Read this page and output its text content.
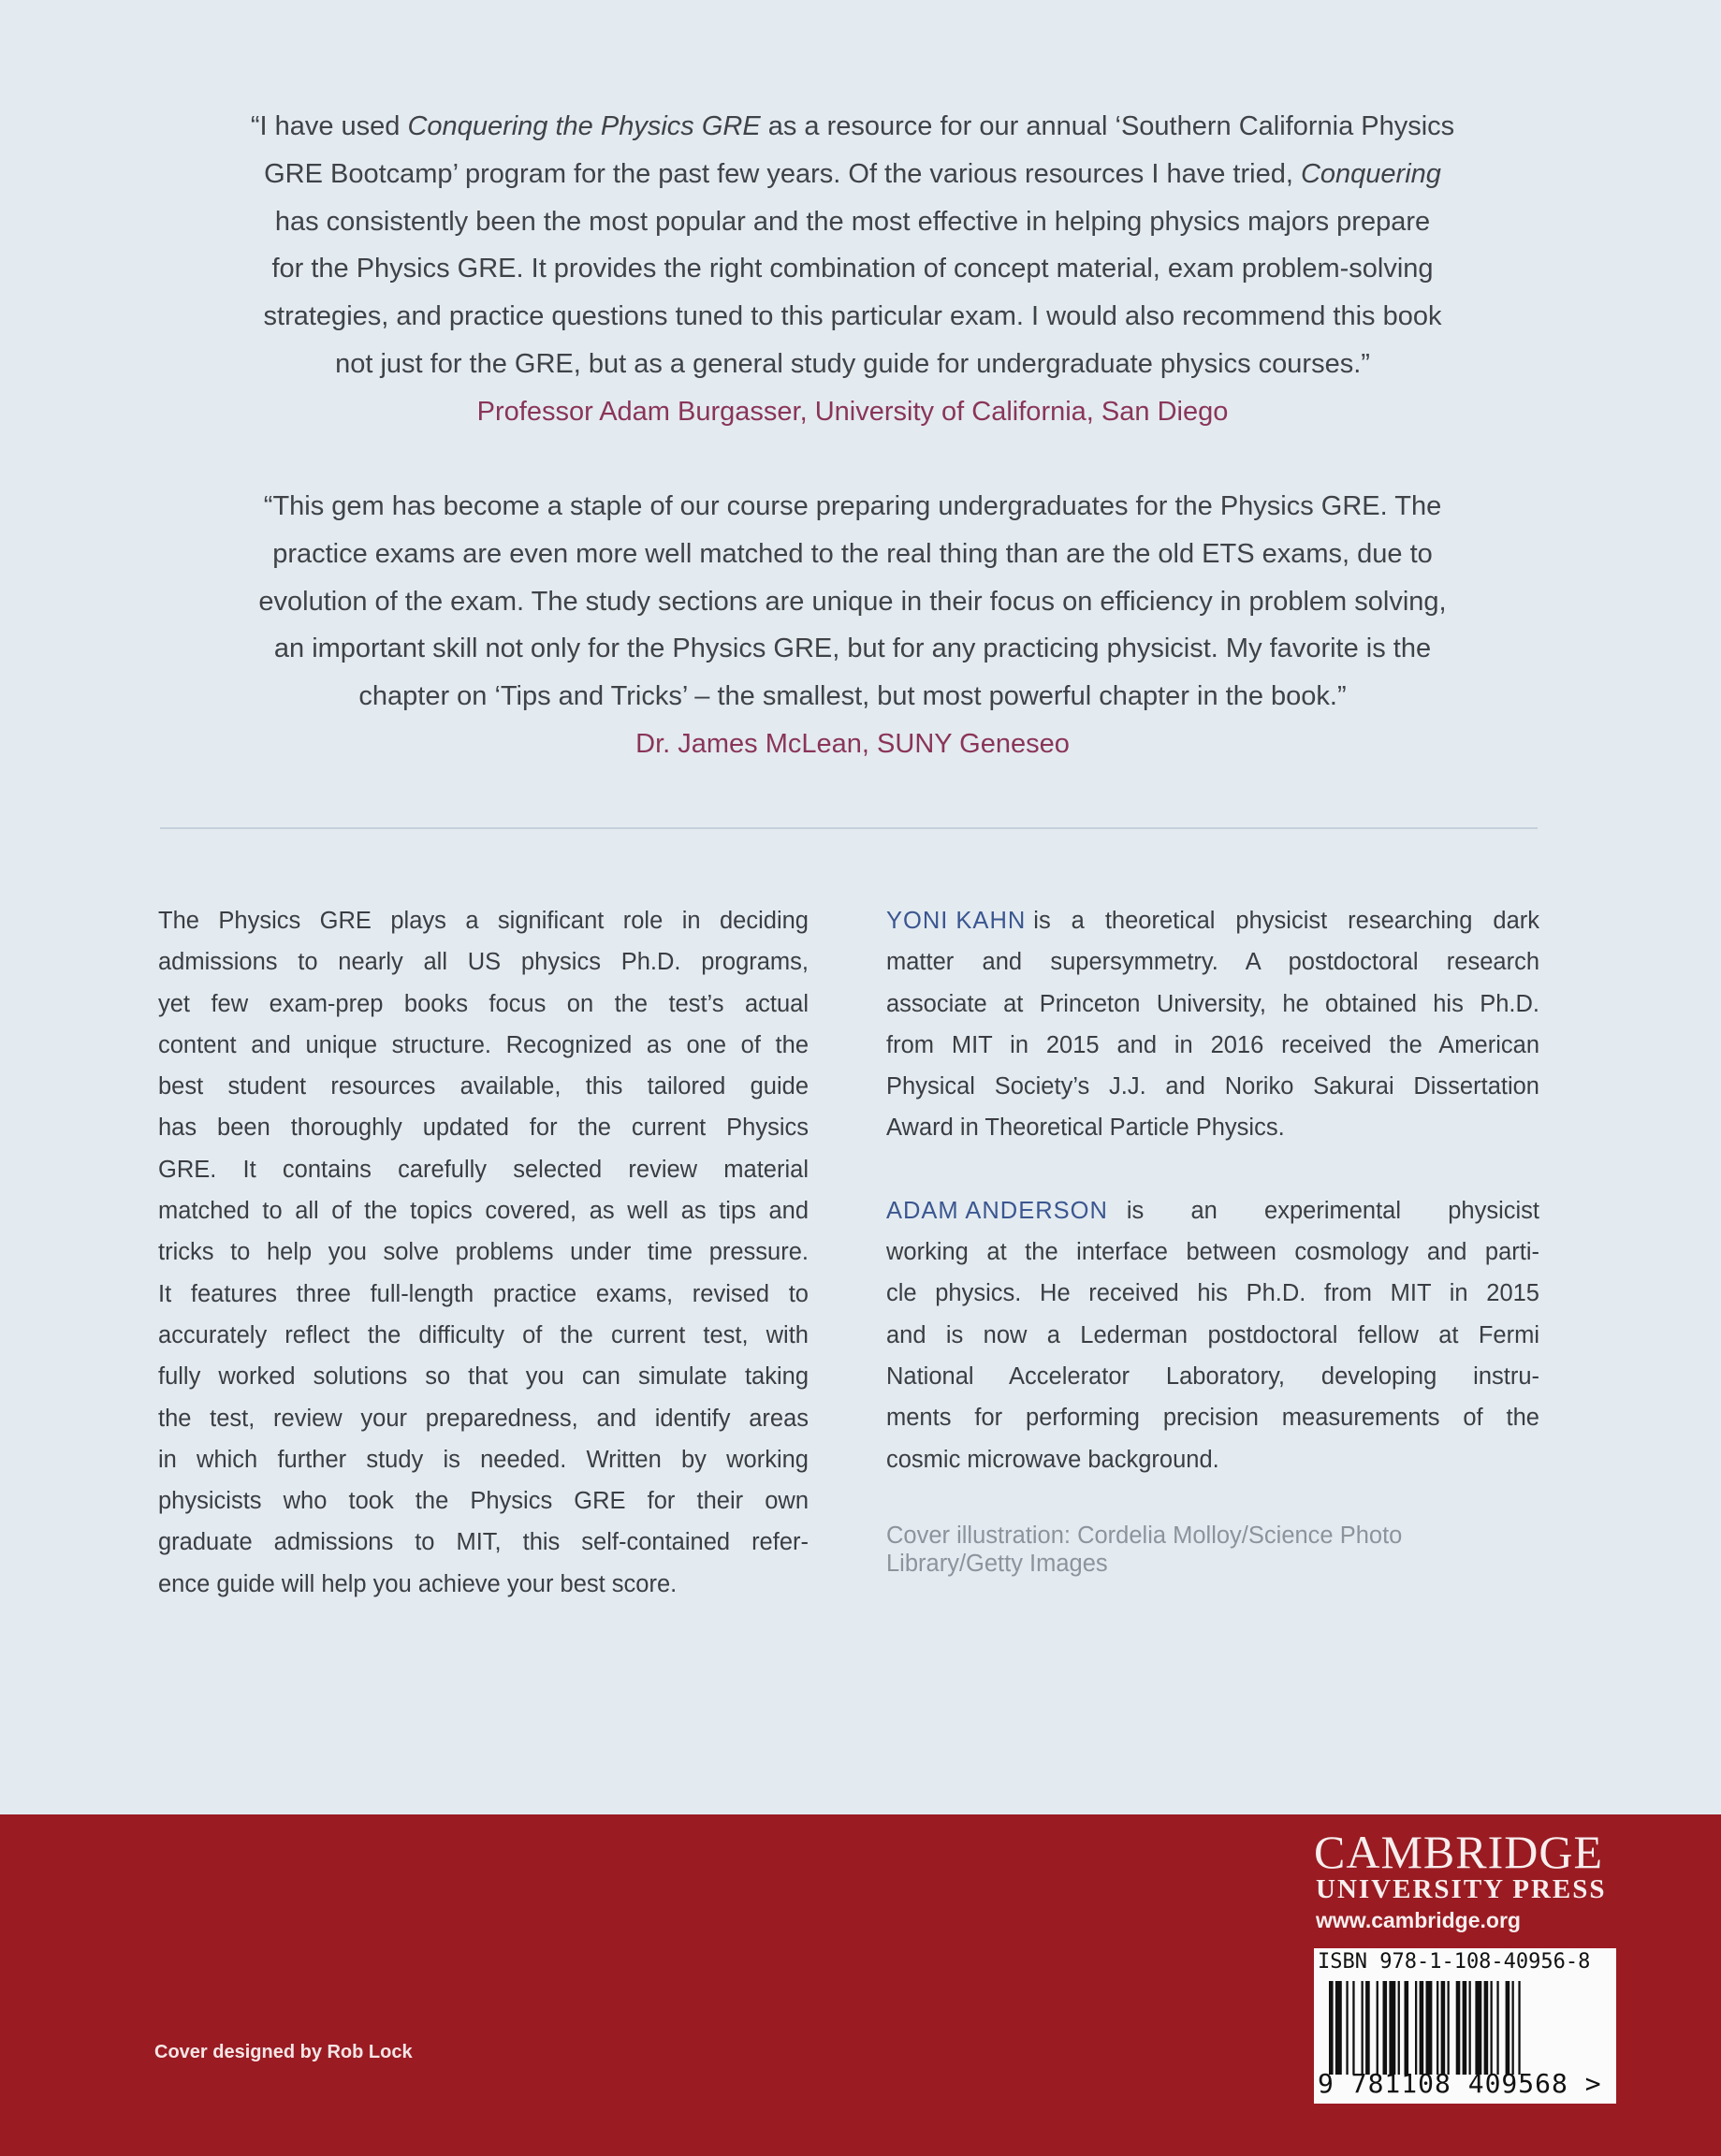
“I have used Conquering the Physics GRE as a resource for our annual ‘Southern California Physics
GRE Bootcamp’ program for the past few years. Of the various resources I have tried, Conquering
has consistently been the most popular and the most effective in helping physics majors prepare
for the Physics GRE. It provides the right combination of concept material, exam problem-solving
strategies, and practice questions tuned to this particular exam. I would also recommend this book
not just for the GRE, but as a general study guide for undergraduate physics courses.”
Professor Adam Burgasser, University of California, San Diego
“This gem has become a staple of our course preparing undergraduates for the Physics GRE. The
practice exams are even more well matched to the real thing than are the old ETS exams, due to
evolution of the exam. The study sections are unique in their focus on efficiency in problem solving,
an important skill not only for the Physics GRE, but for any practicing physicist. My favorite is the
chapter on ‘Tips and Tricks’ – the smallest, but most powerful chapter in the book.”
Dr. James McLean, SUNY Geneseo
The Physics GRE plays a significant role in deciding
admissions to nearly all US physics Ph.D. programs,
yet few exam-prep books focus on the test’s actual
content and unique structure. Recognized as one of the
best student resources available, this tailored guide
has been thoroughly updated for the current Physics
GRE. It contains carefully selected review material
matched to all of the topics covered, as well as tips and
tricks to help you solve problems under time pressure.
It features three full-length practice exams, revised to
accurately reflect the difficulty of the current test, with
fully worked solutions so that you can simulate taking
the test, review your preparedness, and identify areas
in which further study is needed. Written by working
physicists who took the Physics GRE for their own
graduate admissions to MIT, this self-contained refer-
ence guide will help you achieve your best score.
YONI KAHN is a theoretical physicist researching dark
matter and supersymmetry. A postdoctoral research
associate at Princeton University, he obtained his Ph.D.
from MIT in 2015 and in 2016 received the American
Physical Society’s J.J. and Noriko Sakurai Dissertation
Award in Theoretical Particle Physics.
ADAM ANDERSON is an experimental physicist
working at the interface between cosmology and parti-
cle physics. He received his Ph.D. from MIT in 2015
and is now a Lederman postdoctoral fellow at Fermi
National Accelerator Laboratory, developing instru-
ments for performing precision measurements of the
cosmic microwave background.
Cover illustration: Cordelia Molloy/Science Photo
Library/Getty Images
Cover designed by Rob Lock
CAMBRIDGE
UNIVERSITY PRESS
www.cambridge.org
ISBN 978-1-108-40956-8
9 781108 409568 >
